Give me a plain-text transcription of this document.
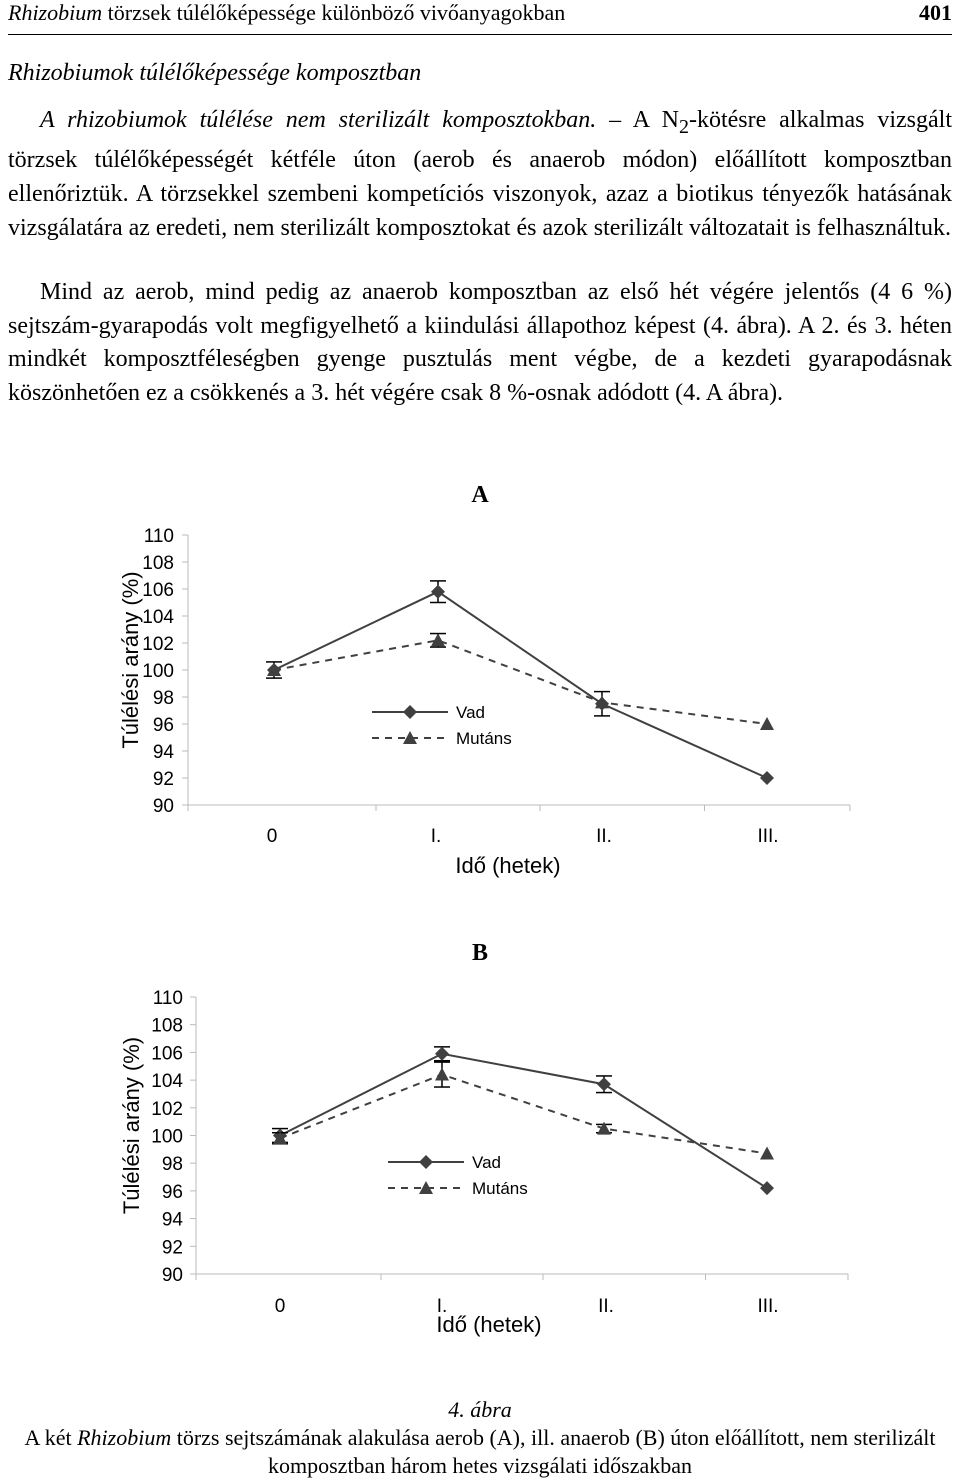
Rhizobium törzsek túlélőképessége különböző vivőanyagokban	401
Rhizobiumok túlélőképessége komposztban
A rhizobiumok túlélése nem sterilizált komposztokban. – A $N_2$-kötésre alkalmas vizsgált törzsek túlélőképességét kétféle úton (aerob és anaerob módon) előállított komposztban ellenőriztük. A törzsekkel szembeni kompetíciós viszonyok, azaz a biotikus tényezők hatásának vizsgálatára az eredeti, nem sterilizált komposztokat és azok sterilizált változatait is felhasználtuk.
Mind az aerob, mind pedig az anaerob komposztban az első hét végére jelentős (4 6 %) sejtszám-gyarapodás volt megfigyelhető a kiindulási állapothoz képest (4. ábra). A 2. és 3. héten mindkét komposztféleségben gyenge pusztulás ment végbe, de a kezdeti gyarapodásnak köszönhetően ez a csökkenés a 3. hét végére csak 8 %-osnak adódott (4. A ábra).
A
110
108
106
104
102
100
98
96
94
92
90
0	I.	II.	III.
Idő (hetek)
Túlélési arány (%)	Vad
Mutáns
B
110
108
106
104
102
100
98
96
94
92
90
0	I.	II.	III.
Idő (hetek)
Túlélési arány (%)	Vad
Mutáns
4. ábra
A két Rhizobium törzs sejtszámának alakulása aerob (A), ill. anaerob (B) úton előállított, nem sterilizált komposztban három hetes vizsgálati időszakban
